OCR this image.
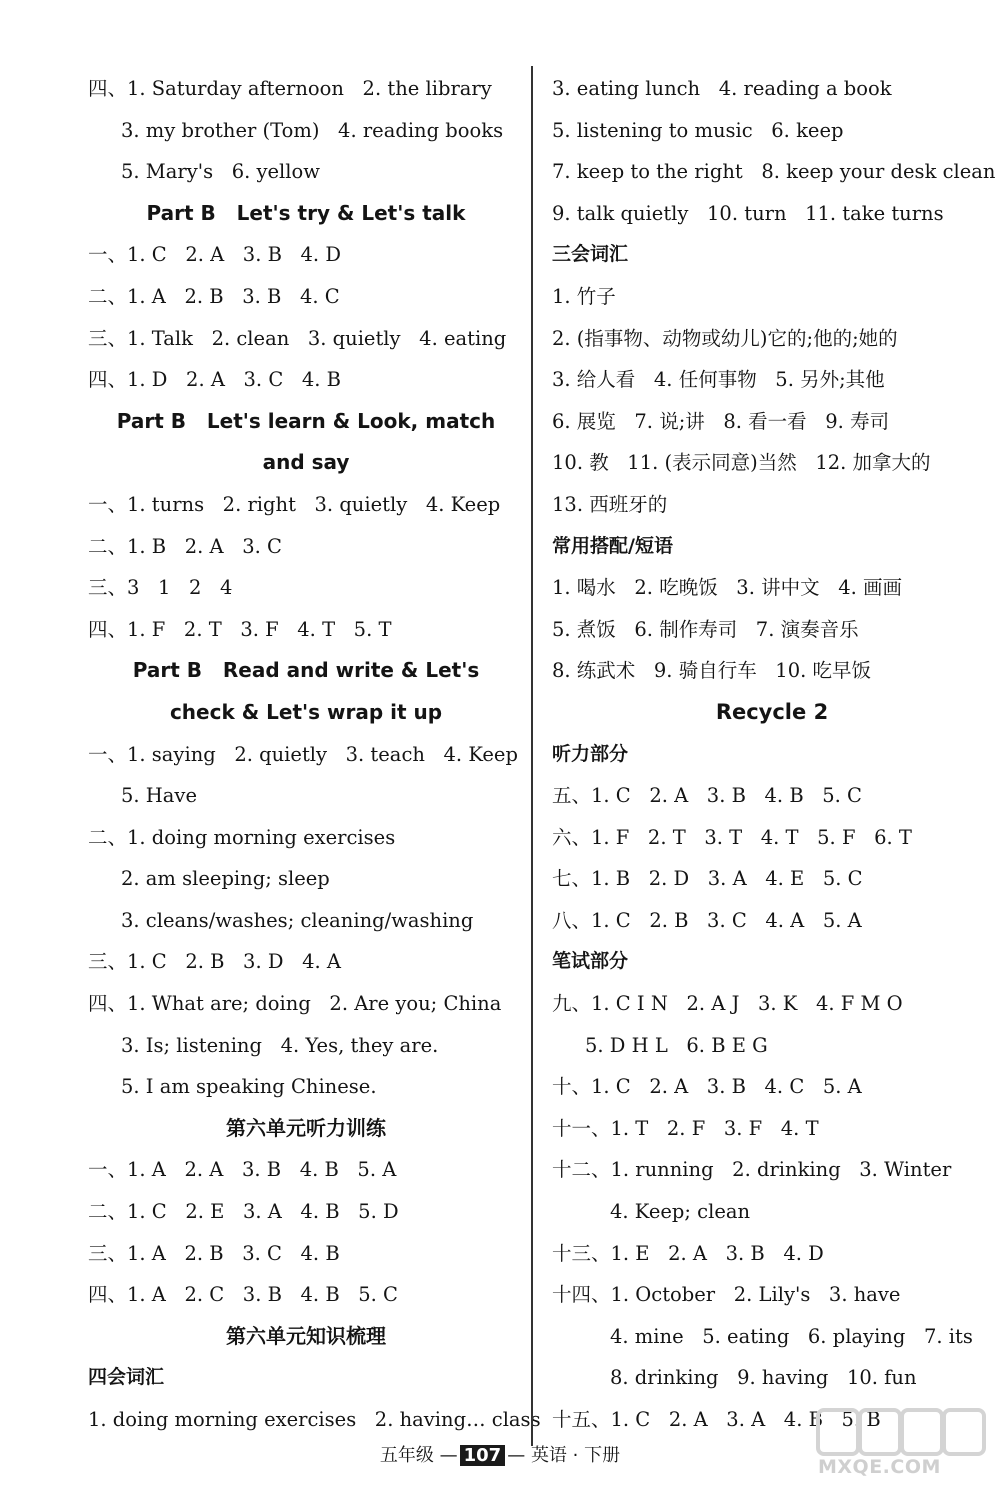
四、1. Saturday afternoon   2. the library
3. my brother (Tom)   4. reading books
5. Mary's   6. yellow
Part B   Let's try & Let's talk
一、1. C   2. A   3. B   4. D
二、1. A   2. B   3. B   4. C
三、1. Talk   2. clean   3. quietly   4. eating
四、1. D   2. A   3. C   4. B
Part B   Let's learn & Look, match
and say
一、1. turns   2. right   3. quietly   4. Keep
二、1. B   2. A   3. C
三、3   1   2   4
四、1. F   2. T   3. F   4. T   5. T
Part B   Read and write & Let's
check & Let's wrap it up
一、1. saying   2. quietly   3. teach   4. Keep
5. Have
二、1. doing morning exercises
2. am sleeping; sleep
3. cleans/washes; cleaning/washing
三、1. C   2. B   3. D   4. A
四、1. What are; doing   2. Are you; China
3. Is; listening   4. Yes, they are.
5. I am speaking Chinese.
第六单元听力训练
一、1. A   2. A   3. B   4. B   5. A
二、1. C   2. E   3. A   4. B   5. D
三、1. A   2. B   3. C   4. B
四、1. A   2. C   3. B   4. B   5. C
第六单元知识梳理
四会词汇
1. doing morning exercises   2. having… class
3. eating lunch   4. reading a book
5. listening to music   6. keep
7. keep to the right   8. keep your desk clean
9. talk quietly   10. turn   11. take turns
三会词汇
1. 竹子
2. (指事物、动物或幼儿)它的;他的;她的
3. 给人看   4. 任何事物   5. 另外;其他
6. 展览   7. 说;讲   8. 看一看   9. 寿司
10. 教   11. (表示同意)当然   12. 加拿大的
13. 西班牙的
常用搭配/短语
1. 喝水   2. 吃晚饭   3. 讲中文   4. 画画
5. 煮饭   6. 制作寿司   7. 演奏音乐
8. 练武术   9. 骑自行车   10. 吃早饭
Recycle 2
听力部分
五、1. C   2. A   3. B   4. B   5. C
六、1. F   2. T   3. T   4. T   5. F   6. T
七、1. B   2. D   3. A   4. E   5. C
八、1. C   2. B   3. C   4. A   5. A
笔试部分
九、1. C I N   2. A J   3. K   4. F M O
5. D H L   6. B E G
十、1. C   2. A   3. B   4. C   5. A
十一、1. T   2. F   3. F   4. T
十二、1. running   2. drinking   3. Winter
4. Keep; clean
十三、1. E   2. A   3. B   4. D
十四、1. October   2. Lily's   3. have
4. mine   5. eating   6. playing   7. its
8. drinking   9. having   10. fun
十五、1. C   2. A   3. A   4. B   5. B
五年级 — 107 — 英语 · 下册
MXQE.COM
